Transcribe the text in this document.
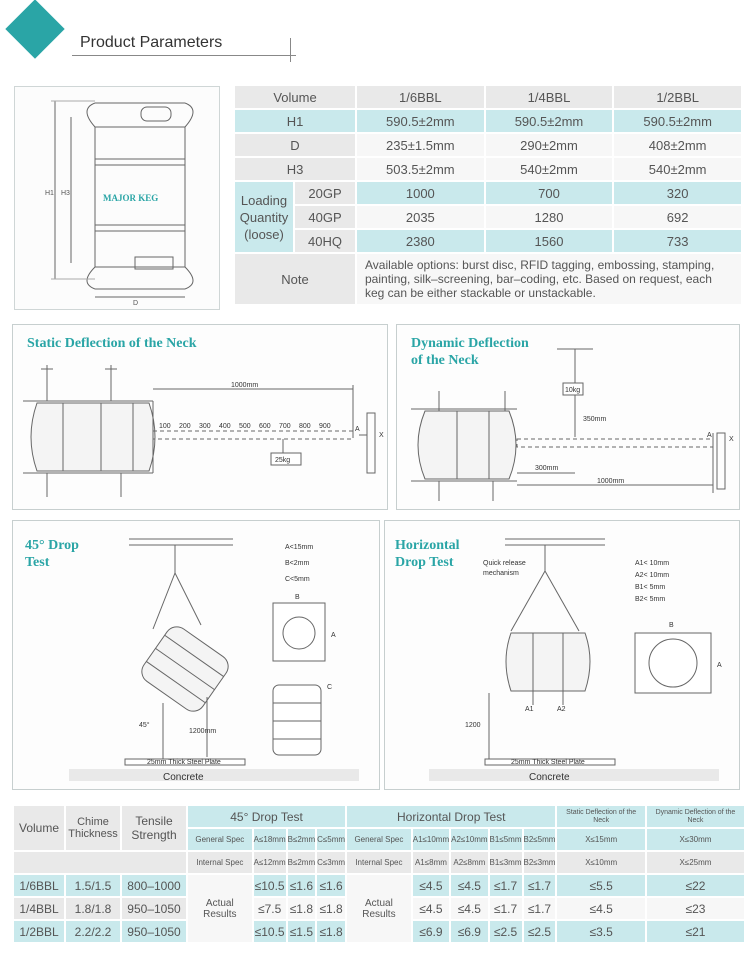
Product Parameters
H1 H3
D
MAJOR KEG
Volume		1/6BBL	1/4BBL	1/2BBL
H1		590.5±2mm	590.5±2mm	590.5±2mm
D		235±1.5mm	290±2mm	408±2mm
H3		503.5±2mm	540±2mm	540±2mm

Loading
Quantity
(loose)	20GP	1000	700	320
	40GP	2035	1280	692
	40HQ	2380	1560	733
Note		Available options: burst disc, RFID tagging, embossing, stamping, painting, silk–screening, bar–coding, etc. Based on request, each keg can be either stackable or unstackable.		
Static Deflection of the Neck
1000mm
100 200 300 400 500 600 700 800 900
25kg
A
X
Dynamic Deflection
of the Neck
10kg
350mm
300mm
1000mm
A
X
45° Drop
Test
A<15mm
B<2mm
C<5mm
45°
1200mm
25mm Thick Steel Plate
B
A
C
Concrete
Horizontal
Drop Test	Quick release
mechanism
A1< 10mm
A2< 10mm
B1< 5mm
B2< 5mm
1200
A1	A2
25mm Thick Steel Plate
B
A
Concrete
Volume	Chime Thickness	Tensile Strength	45° Drop Test				Horizontal Drop Test					Static Deflection of the Neck	Dynamic Deflection of the Neck
			General Spec	A≤18mm	B≤2mm	C≤5mm	General Spec	A1≤10mm	A2≤10mm	B1≤5mm	B2≤5mm	X≤15mm	X≤30mm
			Internal Spec	A≤12mm	B≤2mm	C≤3mm	Internal Spec	A1≤8mm	A2≤8mm	B1≤3mm	B2≤3mm	X≤10mm	X≤25mm
1/6BBL	1.5/1.5	800–1000	Actual Results	≤10.5	≤1.6	≤1.6	Actual Results	≤4.5	≤4.5	≤1.7	≤1.7	≤5.5	≤22
1/4BBL	1.8/1.8	950–1050		≤7.5	≤1.8	≤1.8		≤4.5	≤4.5	≤1.7	≤1.7	≤4.5	≤23
1/2BBL	2.2/2.2	950–1050		≤10.5	≤1.5	≤1.8		≤6.9	≤6.9	≤2.5	≤2.5	≤3.5	≤21
